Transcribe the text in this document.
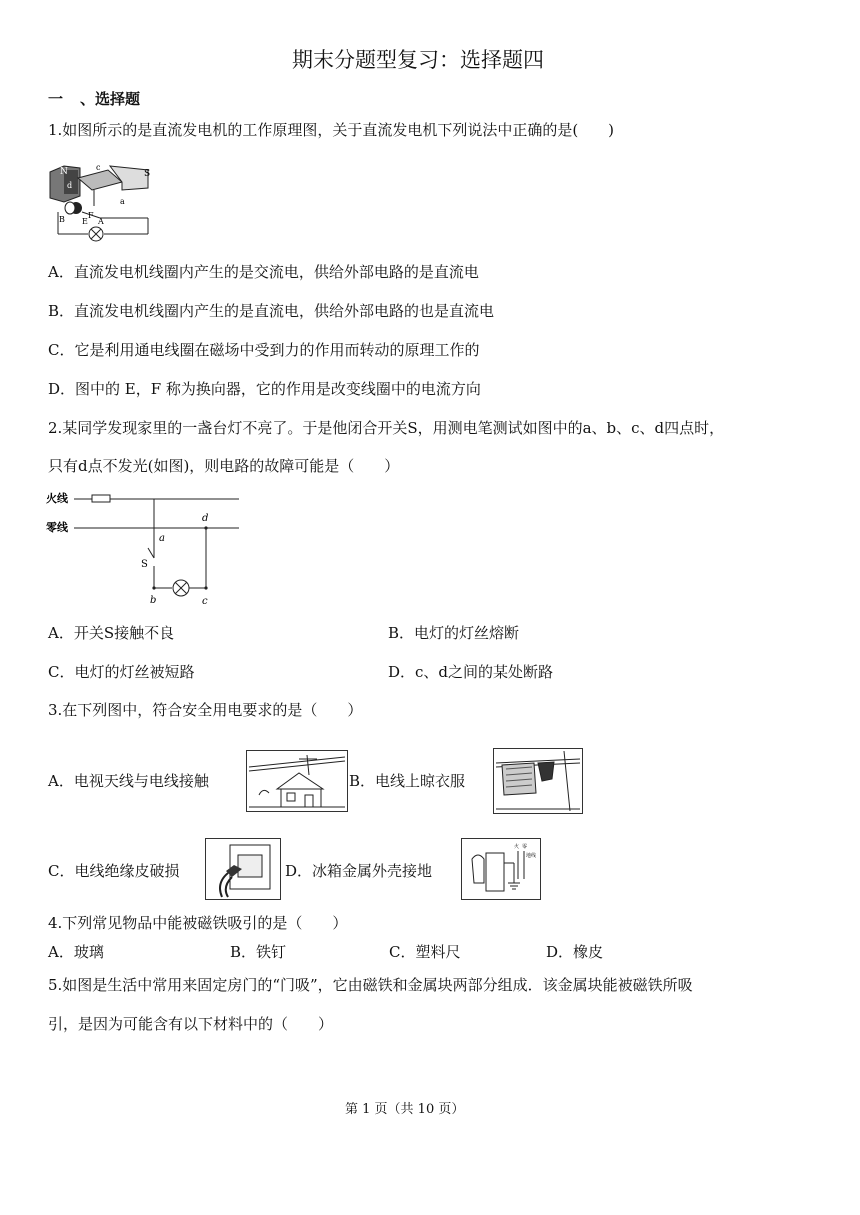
期末分题型复习：选择题四
一 、选择题
1.如图所示的是直流发电机的工作原理图，关于直流发电机下列说法中正确的是(　　)
N
d
c
S
a
B E
F
A
A．直流发电机线圈内产生的是交流电，供给外部电路的是直流电
B．直流发电机线圈内产生的是直流电，供给外部电路的也是直流电
C．它是利用通电线圈在磁场中受到力的作用而转动的原理工作的
D．图中的 E，F 称为换向器，它的作用是改变线圈中的电流方向
2.某同学发现家里的一盏台灯不亮了。于是他闭合开关S，用测电笔测试如图中的a、b、c、d四点时，
只有d点不发光(如图)，则电路的故障可能是（　　）
火线
零线
a
S
b	c
d
A．开关S接触不良	B．电灯的灯丝熔断
C．电灯的灯丝被短路	D．c、d之间的某处断路
3.在下列图中，符合安全用电要求的是（　　）
A．电视天线与电线接触	B．电线上晾衣服
C．电线绝缘皮破损	D．冰箱金属外壳接地
火 零
地线
4.下列常见物品中能被磁铁吸引的是（　　）
A．玻璃	B．铁钉	C．塑料尺	D．橡皮
5.如图是生活中常用来固定房门的“门吸”，它由磁铁和金属块两部分组成．该金属块能被磁铁所吸
引，是因为可能含有以下材料中的（　　）
第 1 页（共 10 页）
